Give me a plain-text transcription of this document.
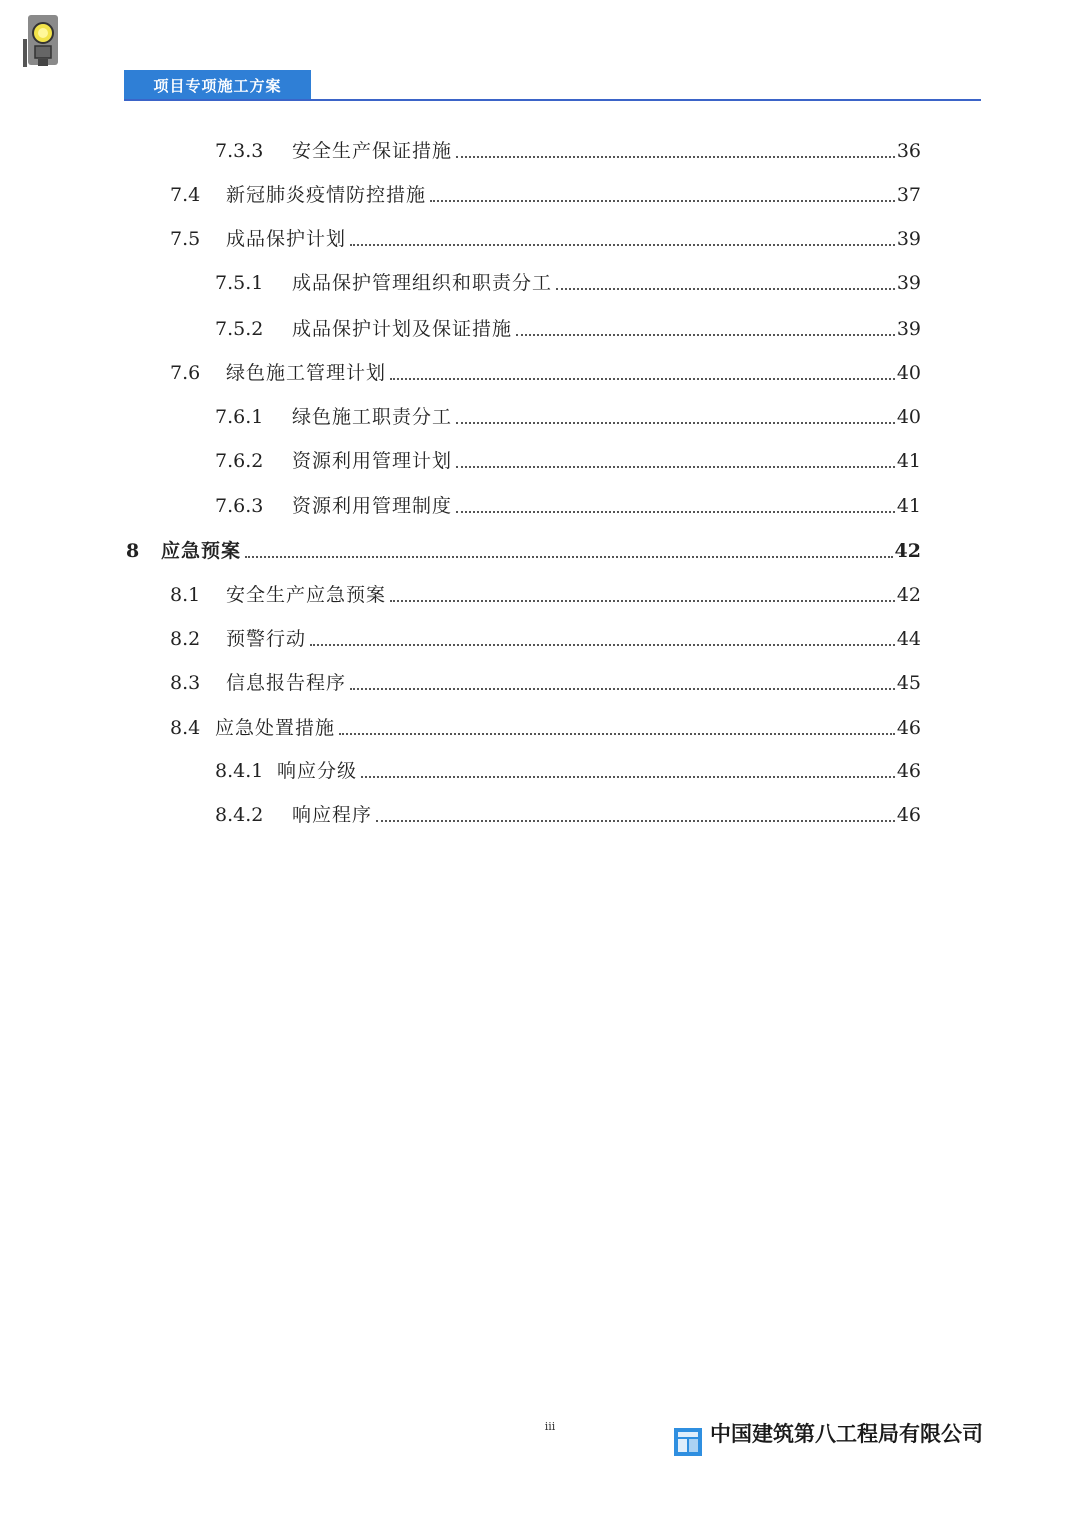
项目专项施工方案
7.3.3	安全生产保证措施	36
7.4	新冠肺炎疫情防控措施	37
7.5	成品保护计划	39
7.5.1	成品保护管理组织和职责分工	39
7.5.2	成品保护计划及保证措施	39
7.6	绿色施工管理计划	40
7.6.1	绿色施工职责分工	40
7.6.2	资源利用管理计划	41
7.6.3	资源利用管理制度	41
8	应急预案	42
8.1	安全生产应急预案	42
8.2	预警行动	44
8.3	信息报告程序	45
8.4 应急处置措施	46
8.4.1 响应分级	46
8.4.2	响应程序	46
iii	中国建筑第八工程局有限公司
